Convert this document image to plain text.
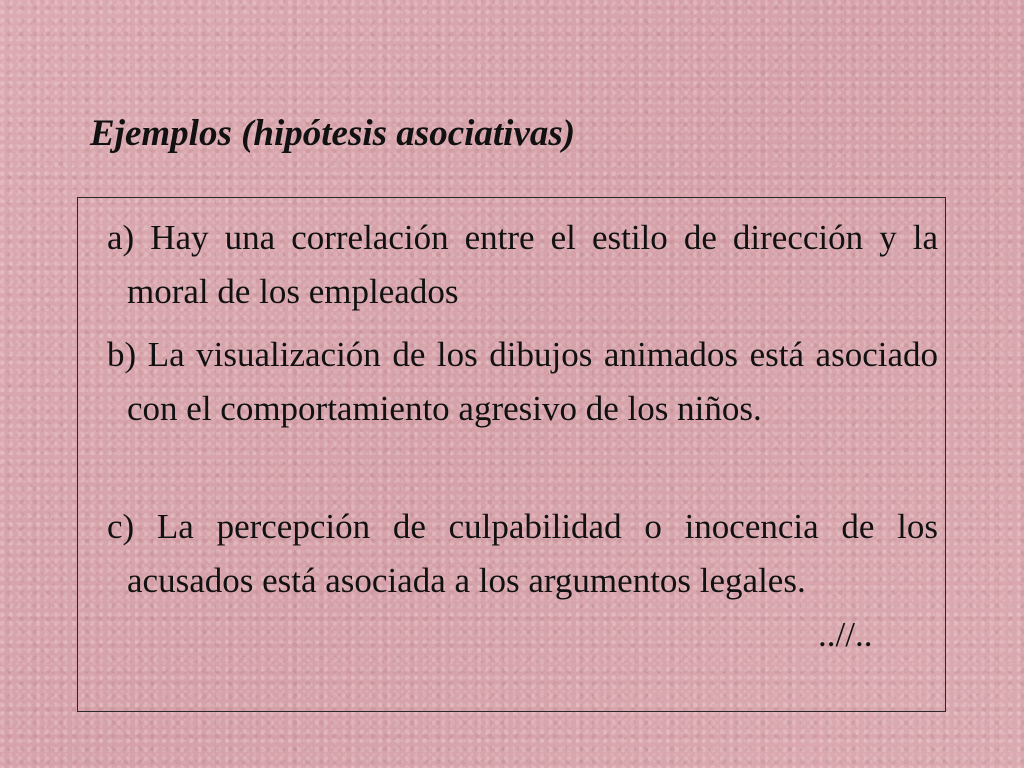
Ejemplos (hipótesis asociativas)

a) Hay una correlación entre el estilo de dirección y la moral de los empleados

b) La visualización de los dibujos animados está asociado con el comportamiento agresivo de los niños.

c) La percepción de culpabilidad o inocencia de los acusados está asociada a los argumentos legales.

..//..
